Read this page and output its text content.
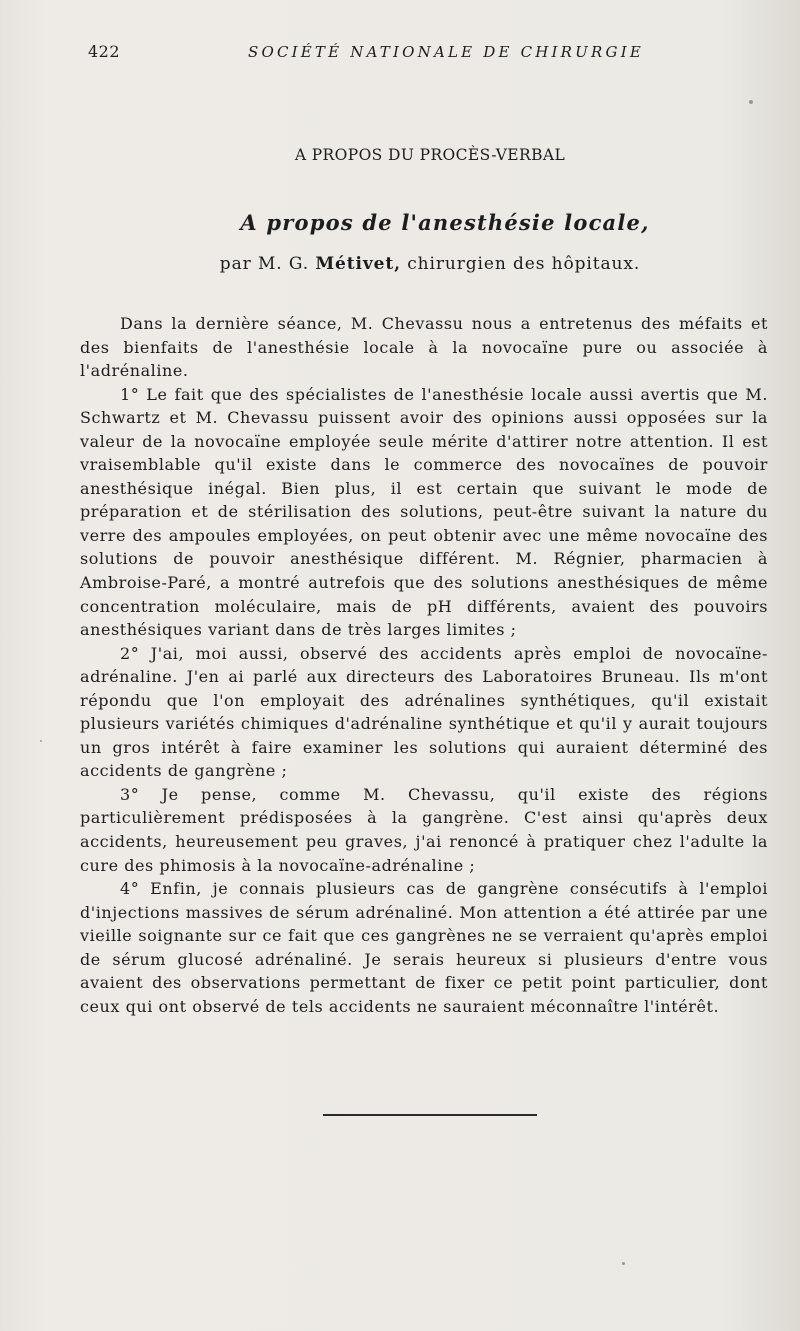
422	SOCIÉTÉ NATIONALE DE CHIRURGIE
A PROPOS DU PROCÈS-VERBAL
A propos de l'anesthésie locale,
par M. G. Métivet, chirurgien des hôpitaux.

Dans la dernière séance, M. Chevassu nous a entretenus des méfaits et des bienfaits de l'anesthésie locale à la novocaïne pure ou associée à l'adrénaline.

1° Le fait que des spécialistes de l'anesthésie locale aussi avertis que M. Schwartz et M. Chevassu puissent avoir des opinions aussi opposées sur la valeur de la novocaïne employée seule mérite d'attirer notre attention. Il est vraisemblable qu'il existe dans le commerce des novocaïnes de pouvoir anesthésique inégal. Bien plus, il est certain que suivant le mode de préparation et de stérilisation des solutions, peut-être suivant la nature du verre des ampoules employées, on peut obtenir avec une même novocaïne des solutions de pouvoir anesthésique différent. M. Régnier, pharmacien à Ambroise-Paré, a montré autrefois que des solutions anesthésiques de même concentration moléculaire, mais de pH différents, avaient des pouvoirs anesthésiques variant dans de très larges limites ;

2° J'ai, moi aussi, observé des accidents après emploi de novocaïne-adrénaline. J'en ai parlé aux directeurs des Laboratoires Bruneau. Ils m'ont répondu que l'on employait des adrénalines synthétiques, qu'il existait plusieurs variétés chimiques d'adrénaline synthétique et qu'il y aurait toujours un gros intérêt à faire examiner les solutions qui auraient déterminé des accidents de gangrène ;

3° Je pense, comme M. Chevassu, qu'il existe des régions particulièrement prédisposées à la gangrène. C'est ainsi qu'après deux accidents, heureusement peu graves, j'ai renoncé à pratiquer chez l'adulte la cure des phimosis à la novocaïne-adrénaline ;

4° Enfin, je connais plusieurs cas de gangrène consécutifs à l'emploi d'injections massives de sérum adrénaliné. Mon attention a été attirée par une vieille soignante sur ce fait que ces gangrènes ne se verraient qu'après emploi de sérum glucosé adrénaliné. Je serais heureux si plusieurs d'entre vous avaient des observations permettant de fixer ce petit point particulier, dont ceux qui ont observé de tels accidents ne sauraient méconnaître l'intérêt.
